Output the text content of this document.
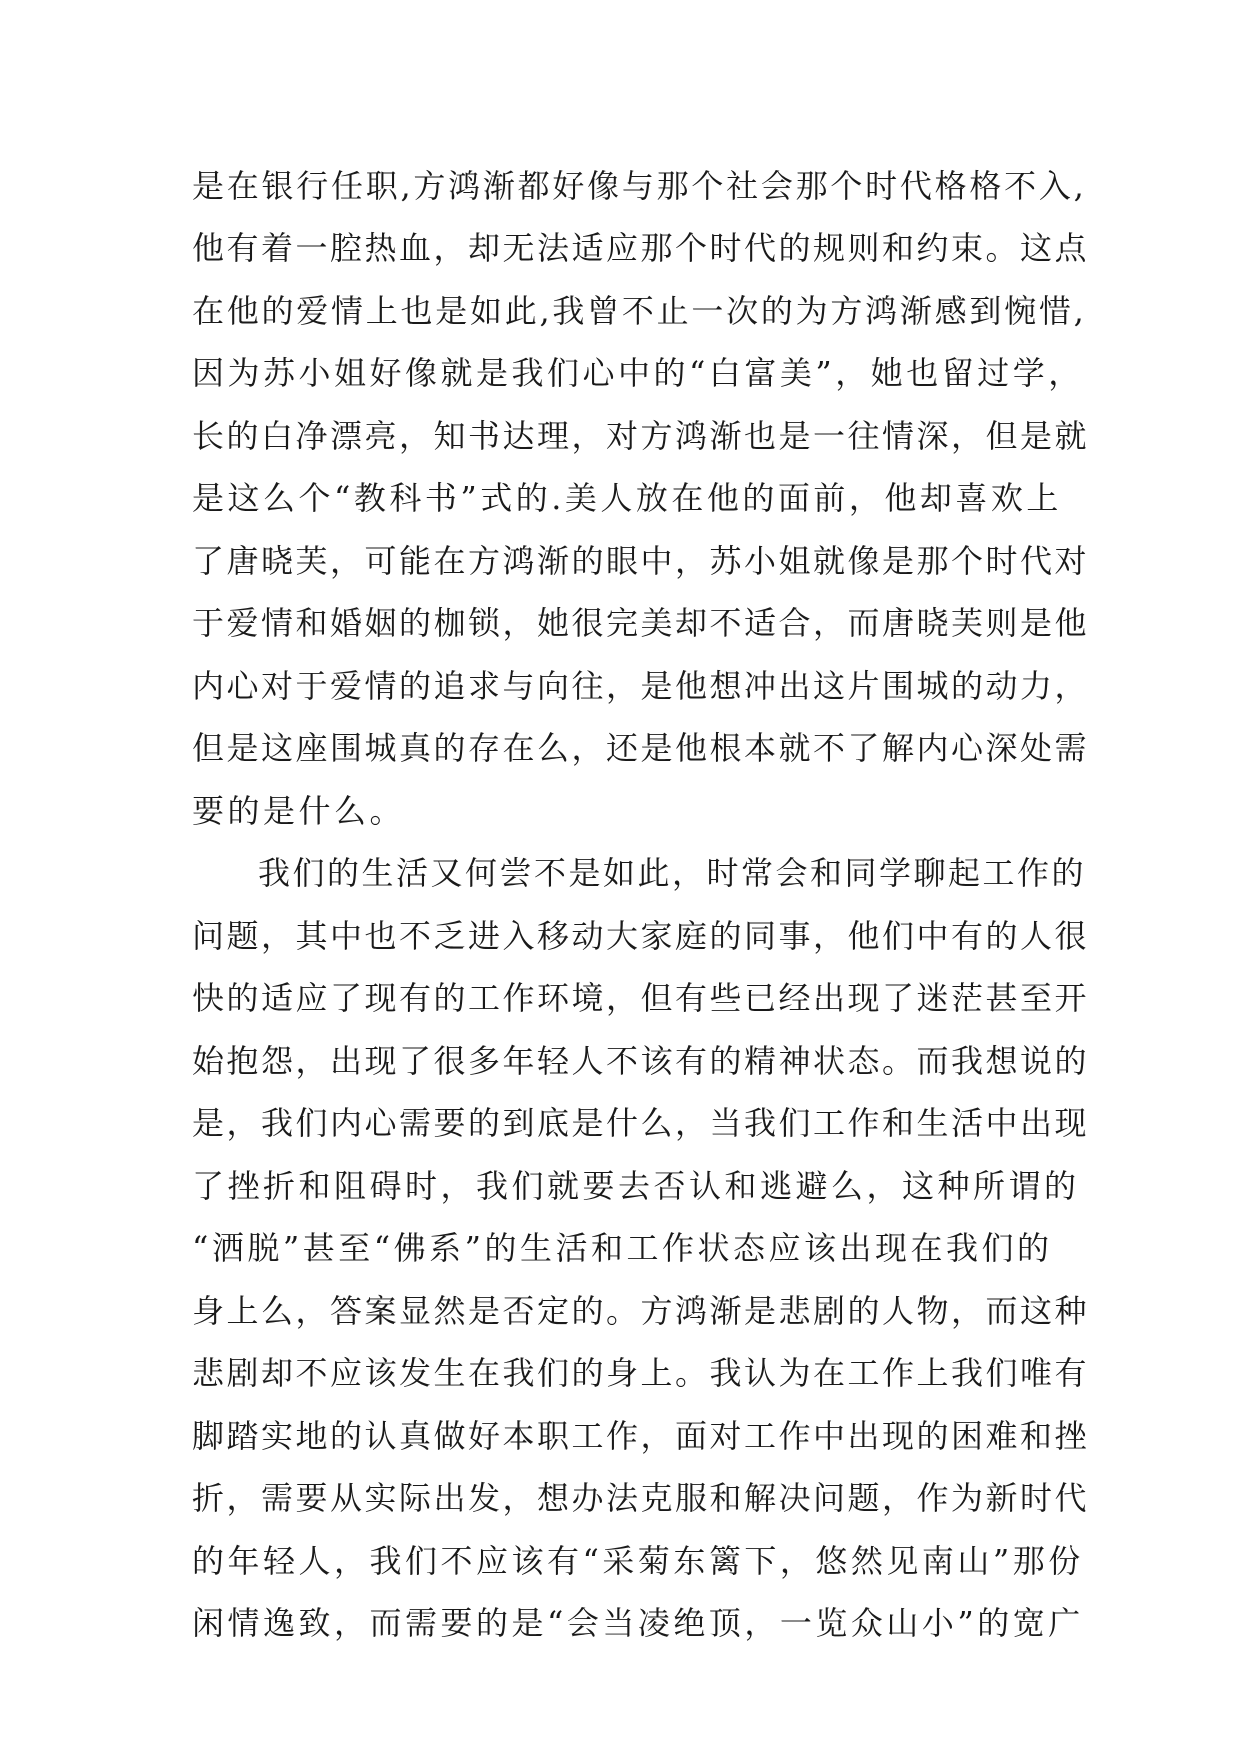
是在银行任职,方鸿渐都好像与那个社会那个时代格格不入,
他有着一腔热血，却无法适应那个时代的规则和约束。这点
在他的爱情上也是如此,我曾不止一次的为方鸿渐感到惋惜,
因为苏小姐好像就是我们心中的“白富美”，她也留过学，
长的白净漂亮，知书达理，对方鸿渐也是一往情深，但是就
是这么个“教科书”式的.美人放在他的面前，他却喜欢上
了唐晓芙，可能在方鸿渐的眼中，苏小姐就像是那个时代对
于爱情和婚姻的枷锁，她很完美却不适合，而唐晓芙则是他
内心对于爱情的追求与向往，是他想冲出这片围城的动力，
但是这座围城真的存在么，还是他根本就不了解内心深处需
要的是什么。
我们的生活又何尝不是如此，时常会和同学聊起工作的
问题，其中也不乏进入移动大家庭的同事，他们中有的人很
快的适应了现有的工作环境，但有些已经出现了迷茫甚至开
始抱怨，出现了很多年轻人不该有的精神状态。而我想说的
是，我们内心需要的到底是什么，当我们工作和生活中出现
了挫折和阻碍时，我们就要去否认和逃避么，这种所谓的
“洒脱”甚至“佛系”的生活和工作状态应该出现在我们的
身上么，答案显然是否定的。方鸿渐是悲剧的人物，而这种
悲剧却不应该发生在我们的身上。我认为在工作上我们唯有
脚踏实地的认真做好本职工作，面对工作中出现的困难和挫
折，需要从实际出发，想办法克服和解决问题，作为新时代
的年轻人，我们不应该有“采菊东篱下，悠然见南山”那份
闲情逸致，而需要的是“会当凌绝顶，一览众山小”的宽广
